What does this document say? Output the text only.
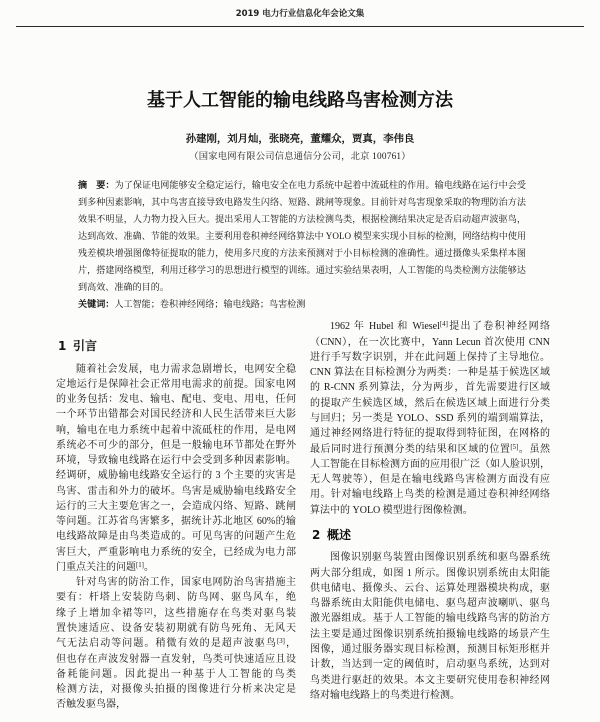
2019 电力行业信息化年会论文集
基于人工智能的输电线路鸟害检测方法
孙建刚，刘月灿，张晓亮，董耀众，贾真，李伟良
（国家电网有限公司信息通信分公司，北京 100761）
摘　要：为了保证电网能够安全稳定运行，输电安全在电力系统中起着中流砥柱的作用。输电线路在运行中会受
到多种因素影响，其中鸟害直接导致电路发生闪络、短路、跳闸等现象。目前针对鸟害现象采取的物理防治方法
效果不明显，人力物力投入巨大。提出采用人工智能的方法检测鸟类，根据检测结果决定是否启动超声波驱鸟，
达到高效、准确、节能的效果。主要利用卷积神经网络算法中 YOLO 模型来实现小目标的检测，网络结构中使用
残差模块增强图像特征提取的能力，使用多尺度的方法来预测对于小目标检测的准确性。通过摄像头采集样本图
片，搭建网络模型，利用迁移学习的思想进行模型的训练。通过实验结果表明，人工智能的鸟类检测方法能够达
到高效、准确的目的。
关键词：人工智能；卷积神经网络；输电线路；鸟害检测
1 引言
随着社会发展，电力需求急剧增长，电网安全稳
定地运行是保障社会正常用电需求的前提。国家电网
的业务包括：发电、输电、配电、变电、用电，任何
一个环节出错都会对国民经济和人民生活带来巨大影
响，输电在电力系统中起着中流砥柱的作用，是电网
系统必不可少的部分，但是一般输电环节都处在野外
环境，导致输电线路在运行中会受到多种因素影响。
经调研，威胁输电线路安全运行的 3 个主要的灾害是
鸟害、雷击和外力的破坏。鸟害是威胁输电线路安全
运行的三大主要危害之一，会造成闪络、短路、跳闸
等问题。江苏省鸟害繁多，据统计苏北地区 60%的输
电线路故障是由鸟类造成的。可见鸟害的问题产生危
害巨大，严重影响电力系统的安全，已经成为电力部
门重点关注的问题[1]。
针对鸟害的防治工作，国家电网防治鸟害措施主
要有：杆塔上安装防鸟刺、防鸟网、驱鸟风车，绝
缘子上增加伞裙等[2]，这些措施存在鸟类对驱鸟装
置快速适应、设备安装初期就有防鸟死角、无风天
气无法启动等问题。稍微有效的是超声波驱鸟[3]，
但也存在声波发射器一直发射，鸟类可快速适应且设
备耗能问题。因此提出一种基于人工智能的鸟类
检测方法，对摄像头拍摄的图像进行分析来决定是
否触发驱鸟器，
1962 年 Hubel 和 Wiesel[4]提出了卷积神经网络
（CNN），在一次比赛中，Yann Lecun 首次使用 CNN
进行手写数字识别，并在此问题上保持了主导地位。
CNN 算法在目标检测分为两类：一种是基于候选区域
的 R-CNN 系列算法，分为两步，首先需要进行区域
的提取产生候选区域，然后在候选区域上面进行分类
与回归；另一类是 YOLO、SSD 系列的端到端算法，
通过神经网络进行特征的提取得到特征图，在网格的
最后同时进行预测分类的结果和区域的位置[5]。虽然
人工智能在目标检测方面的应用很广泛（如人脸识别，
无人驾驶等），但是在输电线路鸟害检测方面没有应
用。针对输电线路上鸟类的检测是通过卷积神经网络
算法中的 YOLO 模型进行图像检测。
2 概述
图像识别驱鸟装置由图像识别系统和驱鸟器系统
两大部分组成，如图 1 所示。图像识别系统由太阳能
供电储电、摄像头、云台、运算处理器模块构成，驱
鸟器系统由太阳能供电储电、驱鸟超声波喇叭、驱鸟
激光器组成。基于人工智能的输电线路鸟害的防治方
法主要是通过图像识别系统拍摄输电线路的场景产生
图像，通过服务器实现目标检测，预测目标矩形框并
计数，当达到一定的阈值时，启动驱鸟系统，达到对
鸟类进行驱赶的效果。本文主要研究使用卷积神经网
络对输电线路上的鸟类进行检测。
